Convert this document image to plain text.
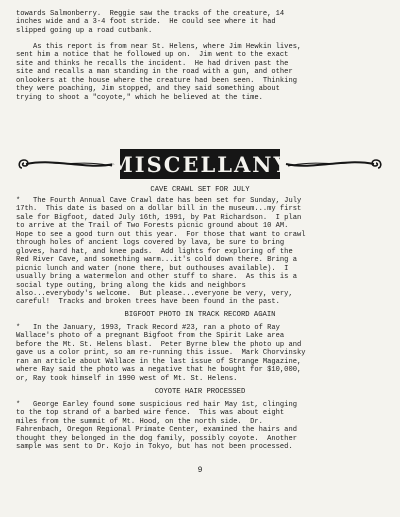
towards Salmonberry.  Reggie saw the tracks of the creature, 14
inches wide and a 3-4 foot stride.  He could see where it had
slipped going up a road cutbank.

As this report is from near St. Helens, where Jim Hewkin lives,
sent him a notice that he followed up on.  Jim went to the exact
site and thinks he recalls the incident.  He had driven past the
site and recalls a man standing in the road with a gun, and other
onlookers at the house where the creature had been seen.  Thinking
they were poaching, Jim stopped, and they said something about
trying to shoot a "coyote," which he believed at the time.

MISCELLANY

CAVE CRAWL SET FOR JULY

*   The Fourth Annual Cave Crawl date has been set for Sunday, July
17th.  This date is based on a dollar bill in the museum...my first
sale for Bigfoot, dated July 16th, 1991, by Pat Richardson.  I plan
to arrive at the Trail of Two Forests picnic ground about 10 AM.
Hope to see a good turn out this year.  For those that want to crawl
through holes of ancient logs covered by lava, be sure to bring
gloves, hard hat, and knee pads.  Add lights for exploring of the
Red River Cave, and something warm...it's cold down there. Bring a
picnic lunch and water (none there, but outhouses available).  I
usually bring a watermelon and other stuff to share.  As this is a
social type outing, bring along the kids and neighbors
also...everybody's welcome.  But please...everyone be very, very,
careful!  Tracks and broken trees have been found in the past.

BIGFOOT PHOTO IN TRACK RECORD AGAIN

*   In the January, 1993, Track Record #23, ran a photo of Ray
Wallace's photo of a pregnant Bigfoot from the Spirit Lake area
before the Mt. St. Helens blast.  Peter Byrne blew the photo up and
gave us a color print, so am re-running this issue.  Mark Chorvinsky
ran an article about Wallace in the last issue of Strange Magazine,
where Ray said the photo was a negative that he bought for $10,000,
or, Ray took himself in 1990 west of Mt. St. Helens.

COYOTE HAIR PROCESSED

*   George Earley found some suspicious red hair May 1st, clinging
to the top strand of a barbed wire fence.  This was about eight
miles from the summit of Mt. Hood, on the north side.  Dr.
Fahrenbach, Oregon Regional Primate Center, examined the hairs and
thought they belonged in the dog family, possibly coyote.  Another
sample was sent to Dr. Kojo in Tokyo, but has not been processed.

9
